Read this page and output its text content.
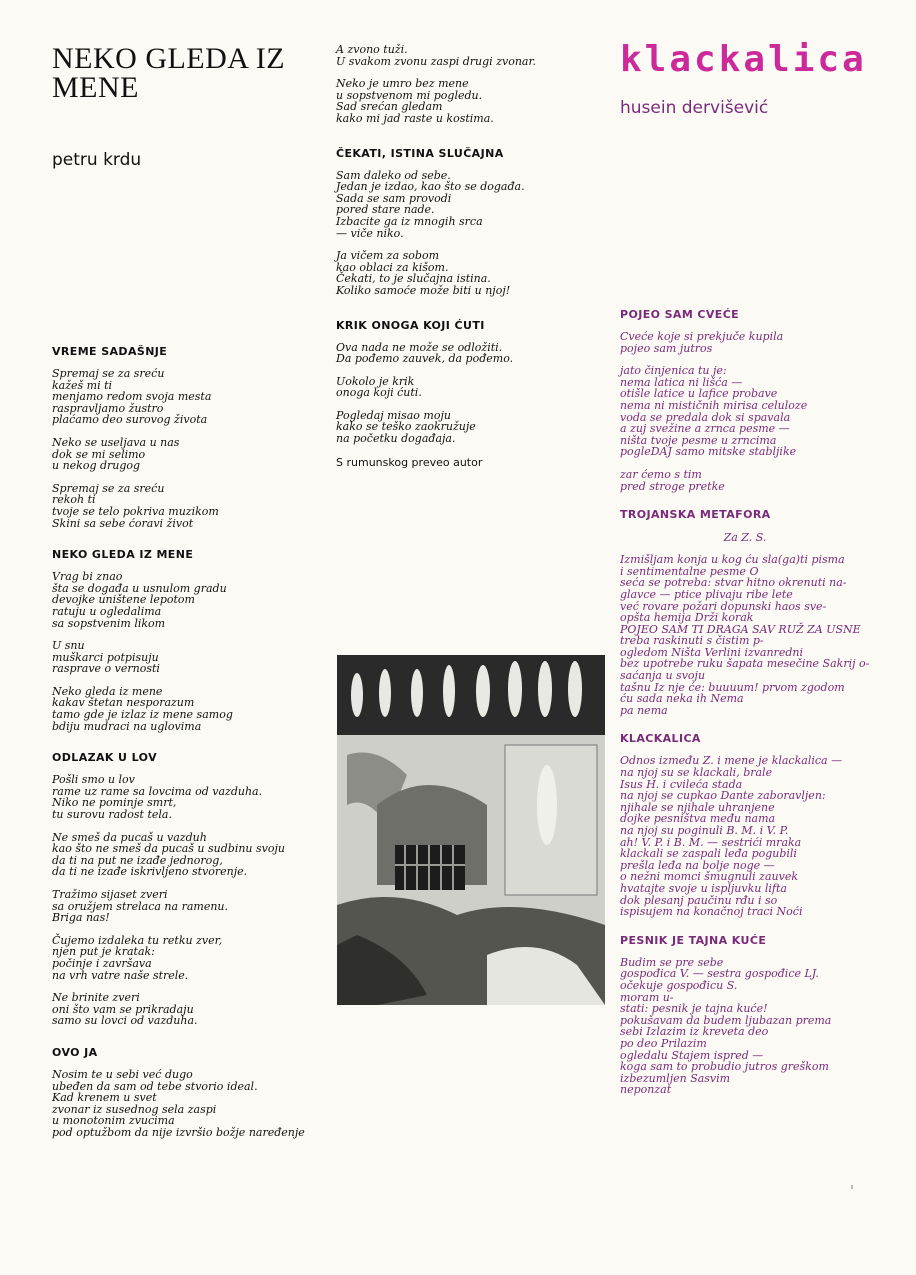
NEKO GLEDA IZ MENE

petru krdu

VREME SADAŠNJE

Spremaj se za sreću
kažeš mi ti
menjamo redom svoja mesta
raspravljamo žustro
plaćamo deo surovog života

Neko se useljava u nas
dok se mi selimo
u nekog drugog

Spremaj se za sreću
rekoh ti
tvoje se telo pokriva muzikom
Skini sa sebe ćoravi život

NEKO GLEDA IZ MENE

Vrag bi znao
šta se događa u usnulom gradu
devojke uništene lepotom
ratuju u ogledalima
sa sopstvenim likom

U snu
muškarci potpisuju
rasprave o vernosti

Neko gleda iz mene
kakav štetan nesporazum
tamo gde je izlaz iz mene samog
bdiju mudraci na uglovima

ODLAZAK U LOV

Pošli smo u lov
rame uz rame sa lovcima od vazduha.
Niko ne pominje smrt,
tu surovu radost tela.

Ne smeš da pucaš u vazduh
kao što ne smeš da pucaš u sudbinu svoju
da ti na put ne izađe jednorog,
da ti ne izađe iskrivljeno stvorenje.

Tražimo sijaset zveri
sa oružjem strelaca na ramenu.
Briga nas!

Čujemo izdaleka tu retku zver,
njen put je kratak:
počinje i završava
na vrh vatre naše strele.

Ne brinite zveri
oni što vam se prikradaju
samo su lovci od vazduha.

OVO JA

Nosim te u sebi već dugo
ubeđen da sam od tebe stvorio ideal.
Kad krenem u svet
zvonar iz susednog sela zaspi
u monotonim zvucima
pod optužbom da nije izvršio božje naređenje

A zvono tuži.
U svakom zvonu zaspi drugi zvonar.

Neko je umro bez mene
u sopstvenom mi pogledu.
Sad srećan gledam
kako mi jad raste u kostima.

ČEKATI, ISTINA SLUČAJNA

Sam daleko od sebe.
Jedan je izdao, kao što se događa.
Sada se sam provodi
pored stare nade.
Izbacite ga iz mnogih srca
— viče niko.

Ja vičem za sobom
kao oblaci za kišom.
Čekati, to je slučajna istina.
Koliko samoće može biti u njoj!

KRIK ONOGA KOJI ĆUTI

Ova nada ne može se odložiti.
Da pođemo zauvek, da pođemo.

Uokolo je krik
onoga koji ćuti.

Pogledaj misao moju
kako se teško zaokružuje
na početku događaja.

S rumunskog preveo autor

klackalica

husein dervišević

POJEO SAM CVEĆE

Cveće koje si prekjuče kupila
pojeo sam jutros

jato činjenica tu je:
nema latica ni lišća —
otišle latice u lafice probave
nema ni mističnih mirisa celuloze
voda se predala dok si spavala
a zuj svežine a zrnca pesme —
ništa tvoje pesme u zrncima
pogleDAJ samo mitske stabljike

zar ćemo s tim
pred stroge pretke

TROJANSKA METAFORA

Za Z. S.

Izmišljam konja u kog ću sla(ga)ti pisma
i sentimentalne pesme O
seća se potreba: stvar hitno okrenuti na-
glavce — ptice plivaju ribe lete
već rovare požari dopunski haos sve-
opšta hemija Drži korak
POJEO SAM TI DRAGA SAV RUŽ ZA USNE
treba raskinuti s čistim p-
ogledom Ništa Verlini izvanredni
bez upotrebe ruku šapata mesečine Sakrij o-
saćanja u svoju
tašnu Iz nje će: buuuum! prvom zgodom
ću sada neka ih Nema
pa nema

KLACKALICA

Odnos između Z. i mene je klackalica —
na njoj su se klackali, brale
Isus H. i cvileća stada
na njoj se cupkao Dante zaboravljen:
njihale se njihale uhranjene
dojke pesništva među nama
na njoj su poginuli B. M. i V. P.
ah! V. P. i B. M. — sestrići mraka
klackali se zaspali leđa pogubili
prešla leđa na bolje noge —
o nežni momci šmugnuli zauvek
hvatajte svoje u ispljuvku lifta
dok plesanj paučinu rđu i so
ispisujem na konačnoj traci Noći

PESNIK JE TAJNA KUĆE

Budim se pre sebe
gospođica V. — sestra gospođice LJ.
očekuje gospođicu S.
moram u-
stati: pesnik je tajna kuće!
pokušavam da budem ljubazan prema
sebi Izlazim iz kreveta deo
po deo Prilazim
ogledalu Stajem ispred —
koga sam to probudio jutros greškom
izbezumljen Sasvim
neponzat
